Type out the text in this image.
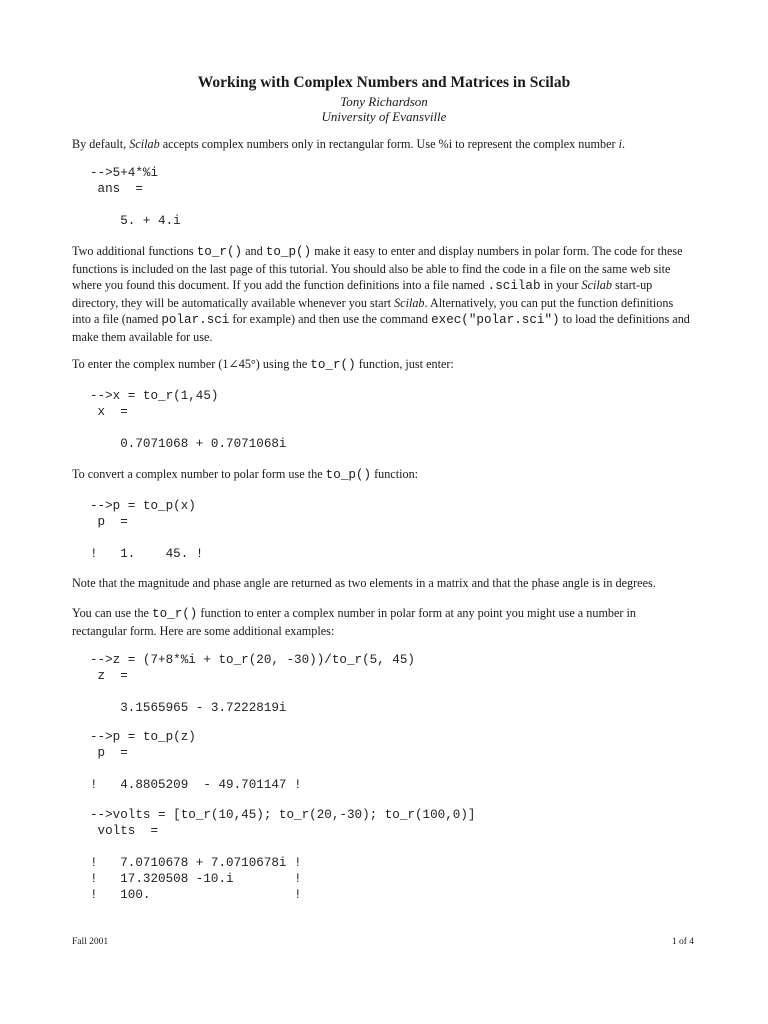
Working with Complex Numbers and Matrices in Scilab
Tony Richardson
University of Evansville
By default, Scilab accepts complex numbers only in rectangular form. Use %i to represent the complex number i.
-->5+4*%i
ans  =

5. + 4.i
Two additional functions to_r() and to_p() make it easy to enter and display numbers in polar form. The code for these functions is included on the last page of this tutorial. You should also be able to find the code in a file on the same web site where you found this document. If you add the function definitions into a file named .scilab in your Scilab start-up directory, they will be automatically available whenever you start Scilab. Alternatively, you can put the function definitions into a file (named polar.sci for example) and then use the command exec("polar.sci") to load the definitions and make them available for use.
To enter the complex number (1∠45°) using the to_r() function, just enter:
-->x = to_r(1,45)
x  =

0.7071068 + 0.7071068i
To convert a complex number to polar form use the to_p() function:
-->p = to_p(x)
p  =

!   1.    45. !
Note that the magnitude and phase angle are returned as two elements in a matrix and that the phase angle is in degrees.
You can use the to_r() function to enter a complex number in polar form at any point you might use a number in rectangular form. Here are some additional examples:
-->z = (7+8*%i + to_r(20, -30))/to_r(5, 45)
z  =

3.1565965 - 3.7222819i
-->p = to_p(z)
p  =

!   4.8805209  - 49.701147 !
-->volts = [to_r(10,45); to_r(20,-30); to_r(100,0)]
volts  =

!   7.0710678 + 7.0710678i !
!   17.320508 -10.i        !
!   100.                   !
Fall 2001	1 of 4
